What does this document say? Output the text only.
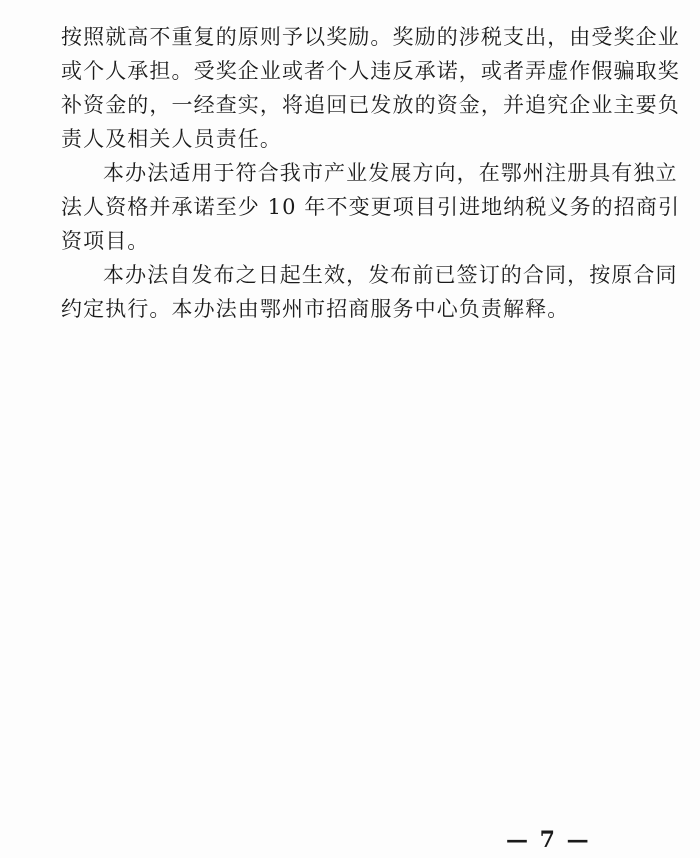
按照就高不重复的原则予以奖励。奖励的涉税支出，由受奖企业
或个人承担。受奖企业或者个人违反承诺，或者弄虚作假骗取奖
补资金的，一经查实，将追回已发放的资金，并追究企业主要负
责人及相关人员责任。
本办法适用于符合我市产业发展方向，在鄂州注册具有独立
法人资格并承诺至少 10 年不变更项目引进地纳税义务的招商引
资项目。
本办法自发布之日起生效，发布前已签订的合同，按原合同
约定执行。本办法由鄂州市招商服务中心负责解释。
— 7 —
